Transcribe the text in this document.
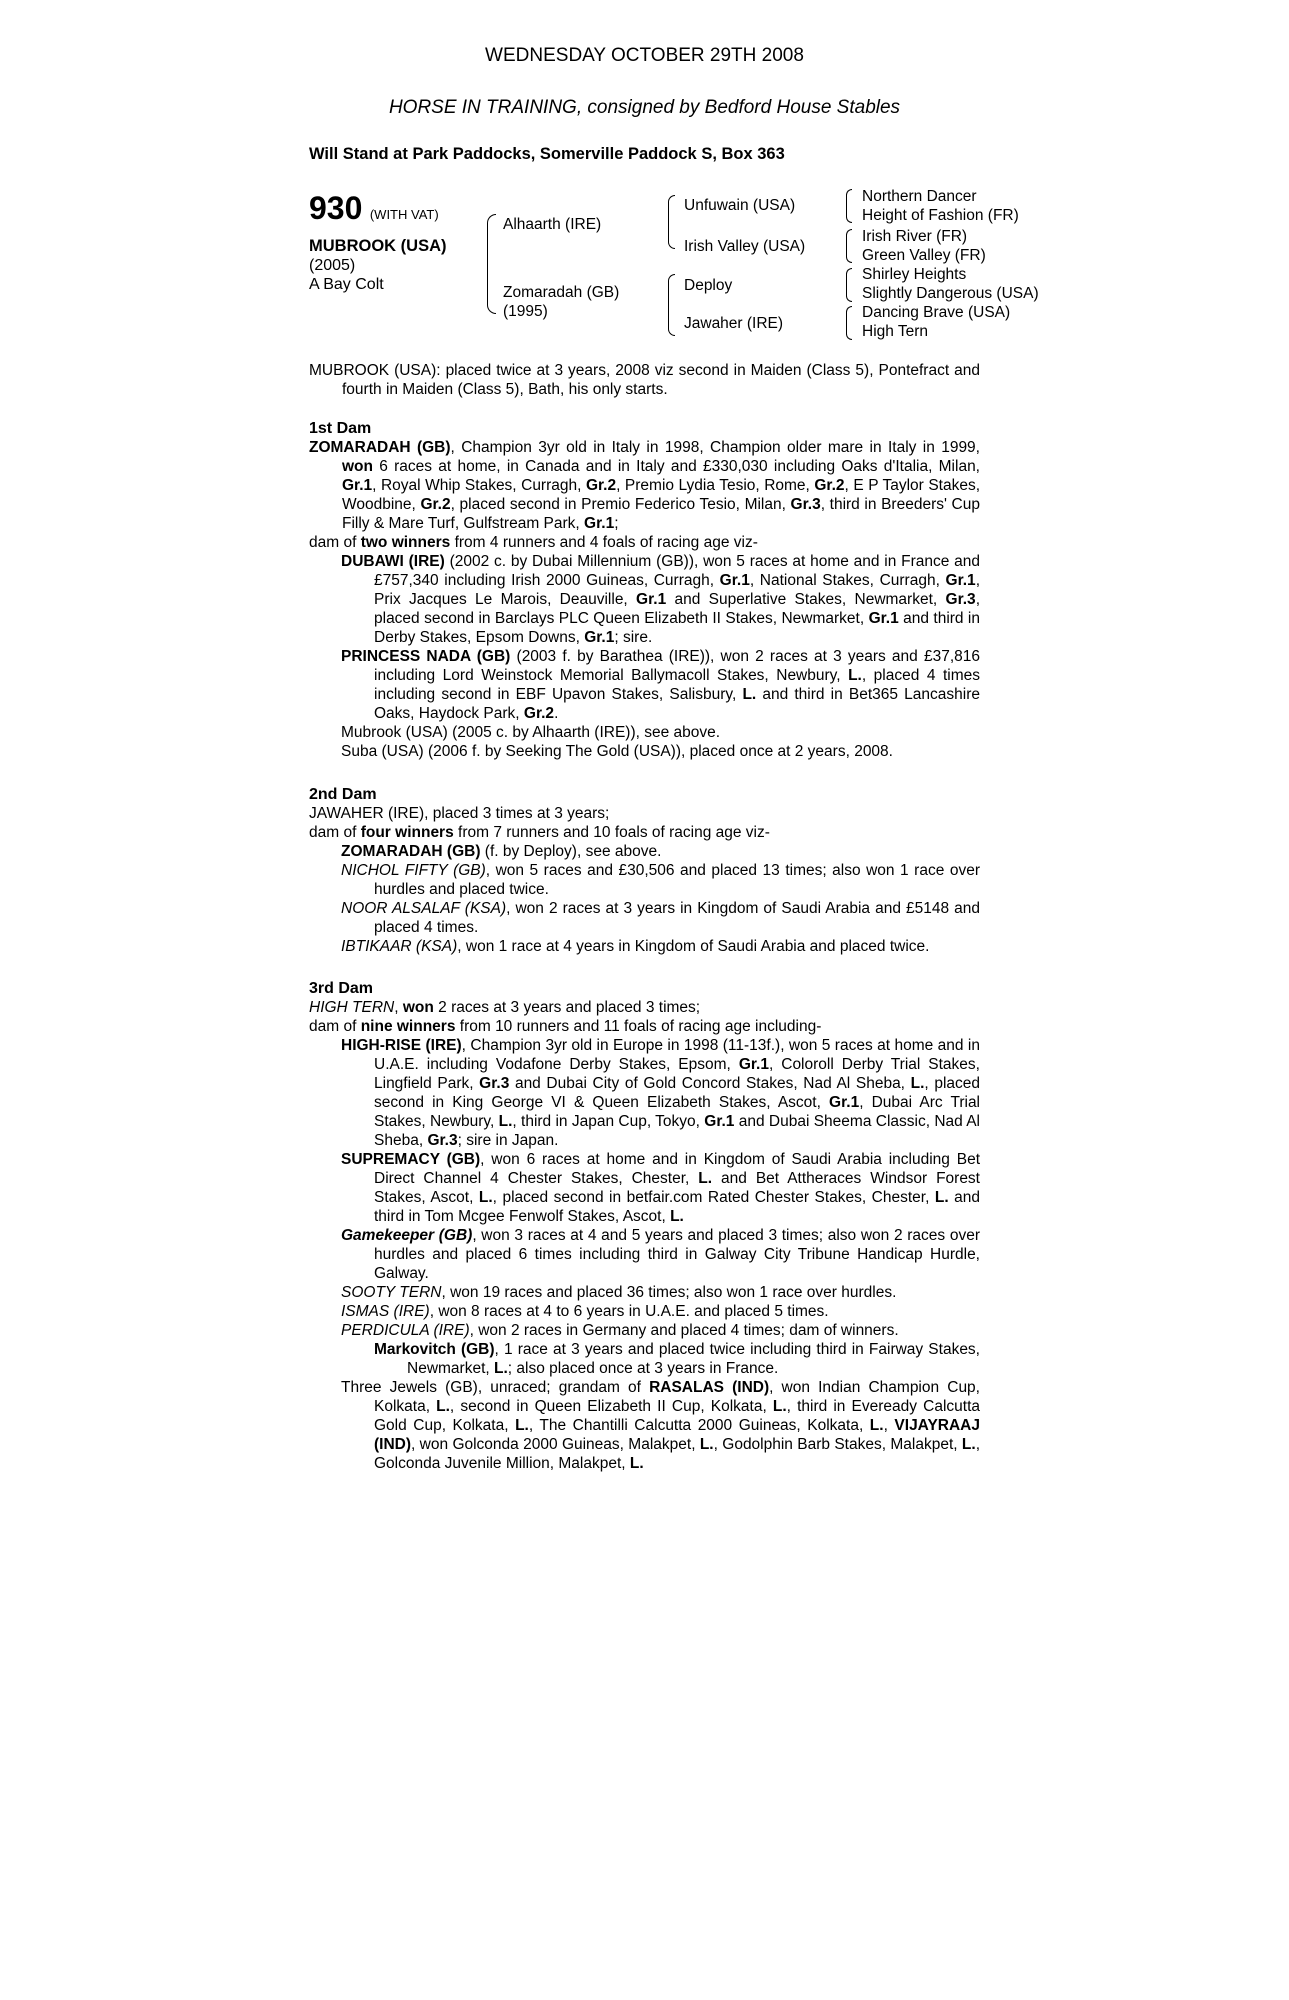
WEDNESDAY OCTOBER 29TH 2008
HORSE IN TRAINING, consigned by Bedford House Stables
Will Stand at Park Paddocks, Somerville Paddock S, Box 363
930 (WITH VAT)
MUBROOK (USA)
(2005)
A Bay Colt
Alhaarth (IRE)
Zomaradah (GB)
(1995)
Unfuwain (USA)
Irish Valley (USA)
Deploy
Jawaher (IRE)
Northern Dancer
Height of Fashion (FR)
Irish River (FR)
Green Valley (FR)
Shirley Heights
Slightly Dangerous (USA)
Dancing Brave (USA)
High Tern
MUBROOK (USA): placed twice at 3 years, 2008 viz second in Maiden (Class 5), Pontefract and fourth in Maiden (Class 5), Bath, his only starts.
1st Dam
ZOMARADAH (GB), Champion 3yr old in Italy in 1998, Champion older mare in Italy in 1999, won 6 races at home, in Canada and in Italy and £330,030 including Oaks d'Italia, Milan, Gr.1, Royal Whip Stakes, Curragh, Gr.2, Premio Lydia Tesio, Rome, Gr.2, E P Taylor Stakes, Woodbine, Gr.2, placed second in Premio Federico Tesio, Milan, Gr.3, third in Breeders' Cup Filly & Mare Turf, Gulfstream Park, Gr.1;
dam of two winners from 4 runners and 4 foals of racing age viz-
DUBAWI (IRE) (2002 c. by Dubai Millennium (GB)), won 5 races at home and in France and £757,340 including Irish 2000 Guineas, Curragh, Gr.1, National Stakes, Curragh, Gr.1, Prix Jacques Le Marois, Deauville, Gr.1 and Superlative Stakes, Newmarket, Gr.3, placed second in Barclays PLC Queen Elizabeth II Stakes, Newmarket, Gr.1 and third in Derby Stakes, Epsom Downs, Gr.1; sire.
PRINCESS NADA (GB) (2003 f. by Barathea (IRE)), won 2 races at 3 years and £37,816 including Lord Weinstock Memorial Ballymacoll Stakes, Newbury, L., placed 4 times including second in EBF Upavon Stakes, Salisbury, L. and third in Bet365 Lancashire Oaks, Haydock Park, Gr.2.
Mubrook (USA) (2005 c. by Alhaarth (IRE)), see above.
Suba (USA) (2006 f. by Seeking The Gold (USA)), placed once at 2 years, 2008.
2nd Dam
JAWAHER (IRE), placed 3 times at 3 years;
dam of four winners from 7 runners and 10 foals of racing age viz-
ZOMARADAH (GB) (f. by Deploy), see above.
NICHOL FIFTY (GB), won 5 races and £30,506 and placed 13 times; also won 1 race over hurdles and placed twice.
NOOR ALSALAF (KSA), won 2 races at 3 years in Kingdom of Saudi Arabia and £5148 and placed 4 times.
IBTIKAAR (KSA), won 1 race at 4 years in Kingdom of Saudi Arabia and placed twice.
3rd Dam
HIGH TERN, won 2 races at 3 years and placed 3 times;
dam of nine winners from 10 runners and 11 foals of racing age including-
HIGH-RISE (IRE), Champion 3yr old in Europe in 1998 (11-13f.), won 5 races at home and in U.A.E. including Vodafone Derby Stakes, Epsom, Gr.1, Coloroll Derby Trial Stakes, Lingfield Park, Gr.3 and Dubai City of Gold Concord Stakes, Nad Al Sheba, L., placed second in King George VI & Queen Elizabeth Stakes, Ascot, Gr.1, Dubai Arc Trial Stakes, Newbury, L., third in Japan Cup, Tokyo, Gr.1 and Dubai Sheema Classic, Nad Al Sheba, Gr.3; sire in Japan.
SUPREMACY (GB), won 6 races at home and in Kingdom of Saudi Arabia including Bet Direct Channel 4 Chester Stakes, Chester, L. and Bet Attheraces Windsor Forest Stakes, Ascot, L., placed second in betfair.com Rated Chester Stakes, Chester, L. and third in Tom Mcgee Fenwolf Stakes, Ascot, L.
Gamekeeper (GB), won 3 races at 4 and 5 years and placed 3 times; also won 2 races over hurdles and placed 6 times including third in Galway City Tribune Handicap Hurdle, Galway.
SOOTY TERN, won 19 races and placed 36 times; also won 1 race over hurdles.
ISMAS (IRE), won 8 races at 4 to 6 years in U.A.E. and placed 5 times.
PERDICULA (IRE), won 2 races in Germany and placed 4 times; dam of winners.
Markovitch (GB), 1 race at 3 years and placed twice including third in Fairway Stakes, Newmarket, L.; also placed once at 3 years in France.
Three Jewels (GB), unraced; grandam of RASALAS (IND), won Indian Champion Cup, Kolkata, L., second in Queen Elizabeth II Cup, Kolkata, L., third in Eveready Calcutta Gold Cup, Kolkata, L., The Chantilli Calcutta 2000 Guineas, Kolkata, L., VIJAYRAAJ (IND), won Golconda 2000 Guineas, Malakpet, L., Godolphin Barb Stakes, Malakpet, L., Golconda Juvenile Million, Malakpet, L.
